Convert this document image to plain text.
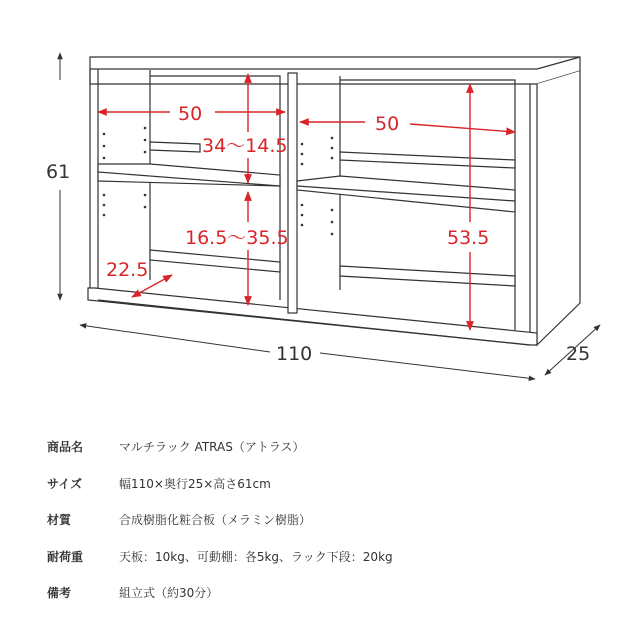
61
110	25
50
34～14.5
16.5～35.5
50
53.5
22.5
商品名	マルチラック ATRAS（アトラス）
サイズ	幅110×奥行25×高さ61cm
材質	合成樹脂化粧合板（メラミン樹脂）
耐荷重	天板：10kg、可動棚：各5kg、ラック下段：20kg
備考	組立式（約30分）
